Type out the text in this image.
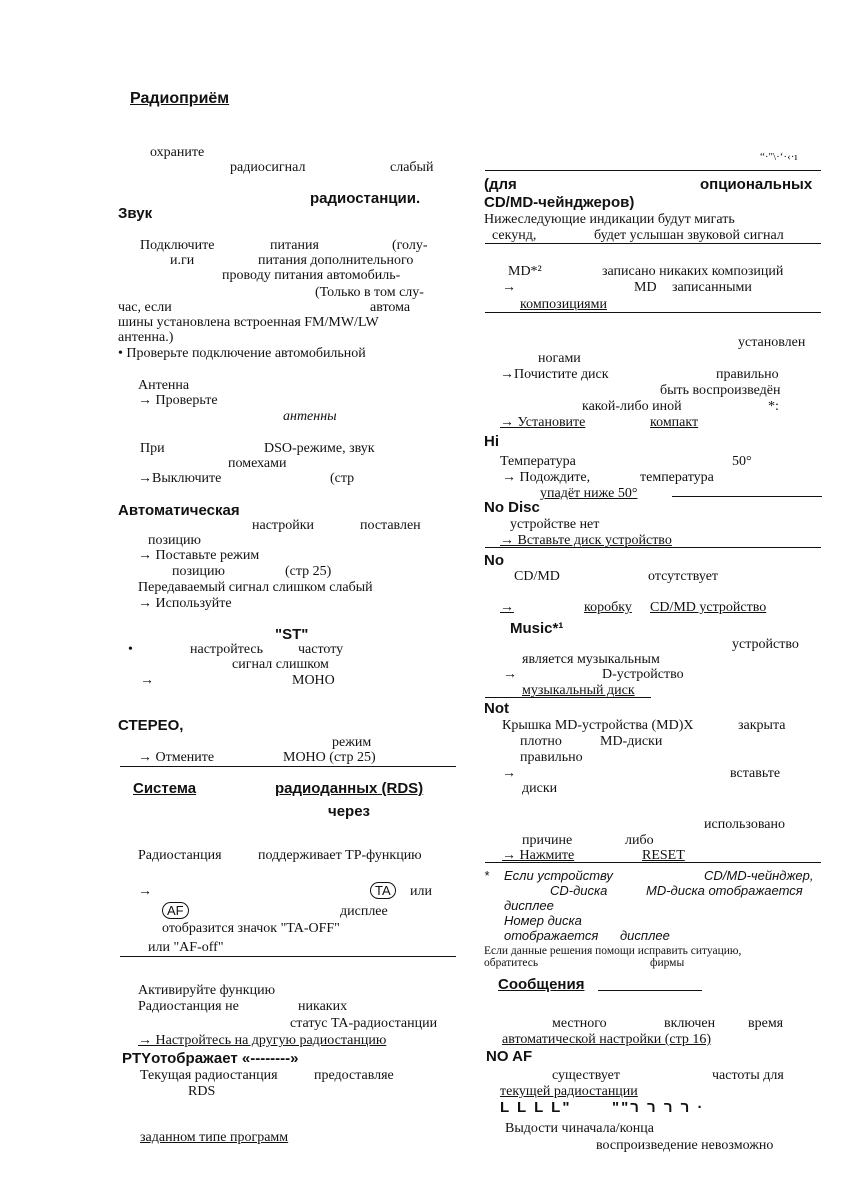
Радиоприём
охраните
радиосигнал	слабый
радиостанции.
Звук
Подключите	питания	(голу-
и.ги	питания дополнительного
проводу питания автомобиль-
(Только в том слу-
час, если	автома
шины установлена встроенная FM/MW/LW
антенна.)
• Проверьте подключение автомобильной
Антенна
→ Проверьте
антенны
При	DSO-режиме, звук
помехами
→Выключите	(стр
Автоматическая
настройки	поставлен
позицию
→ Поставьте режим
позицию	(стр 25)
Передаваемый сигнал слишком слабый
→ Используйте
"ST"
•	настройтесь	частоту
сигнал слишком
→	МОНО
СТЕРЕО,
режим
→ Отмените	МОНО (стр 25)
Система	радиоданных (RDS)
через
Радиостанция	поддерживает TP-функцию
→	TA	или
AF	дисплее
отобразится значок "TA-OFF"
или "AF-off"
Активируйте функцию
Радиостанция не	никаких
статус TA-радиостанции
→ Настройтесь на другую радиостанцию
PTYотображает «--------»
Текущая радиостанция	предоставляе
RDS
заданном типе программ
“·"\·ʻ·‹·ı
(для	опциональных
CD/MD-чейнджеров)
Нижеследующие индикации будут мигать
секунд,	будет услышан звуковой сигнал
MD*²	записано никаких композиций
→	MD записанными
композициями
установлен
ногами
→Почистите диск	правильно
быть воспроизведён
какой-либо иной	*:
→ Установите	компакт
Hi
Температура	50°
→ Подождите,	температура
упадёт ниже 50°
No Disc
устройстве нет
→ Вставьте диск устройство
No
CD/MD	отсутствует
→	коробку CD/MD устройство
Music*¹
устройство
является музыкальным
→	D-устройство
музыкальный диск
Not
Крышка MD-устройства (MD)X	закрыта
плотно	MD-диски
правильно
→	вставьте
диски
использовано
причине	либо
→ Нажмите	RESET
* Если устройству	CD/MD-чейнджер,
CD-диска	MD-диска отображается
дисплее
Номер диска
отображается дисплее
Если данные решения помощи исправить ситуацию,
обратитесь	фирмы
Сообщения
местного	включен время
автоматической настройки (стр 16)
NO AF
существует	частоты для
текущей радиостанции
L L L L"	""ר ר ר ר ·
Выдости чиначала/конца
воспроизведение невозможно
